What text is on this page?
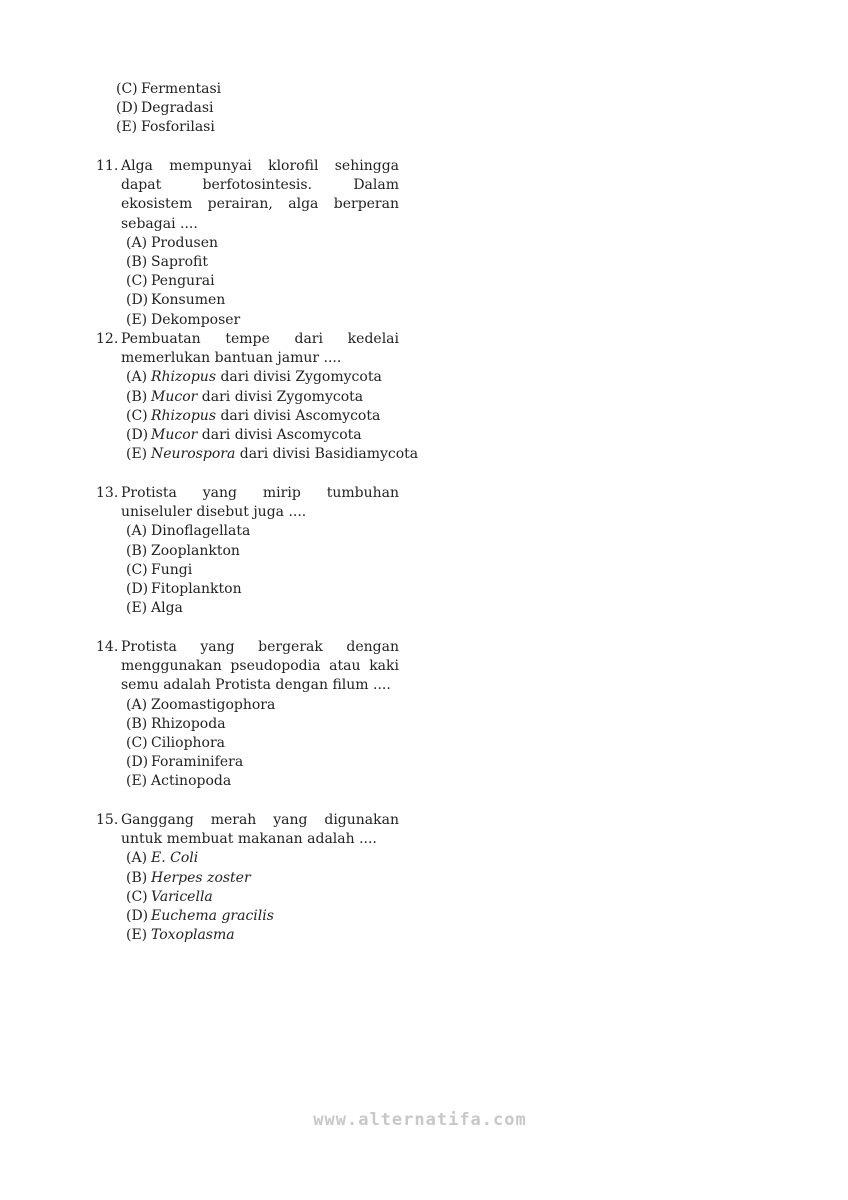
(C) Fermentasi
(D) Degradasi
(E) Fosforilasi
11. Alga mempunyai klorofil sehingga dapat berfotosintesis. Dalam ekosistem perairan, alga berperan sebagai ....
(A) Produsen
(B) Saprofit
(C) Pengurai
(D) Konsumen
(E) Dekomposer
12. Pembuatan tempe dari kedelai memerlukan bantuan jamur ....
(A) Rhizopus dari divisi Zygomycota
(B) Mucor dari divisi Zygomycota
(C) Rhizopus dari divisi Ascomycota
(D) Mucor dari divisi Ascomycota
(E) Neurospora dari divisi Basidiamycota
13. Protista yang mirip tumbuhan uniseluler disebut juga ....
(A) Dinoflagellata
(B) Zooplankton
(C) Fungi
(D) Fitoplankton
(E) Alga
14. Protista yang bergerak dengan menggunakan pseudopodia atau kaki semu adalah Protista dengan filum ....
(A) Zoomastigophora
(B) Rhizopoda
(C) Ciliophora
(D) Foraminifera
(E) Actinopoda
15. Ganggang merah yang digunakan untuk membuat makanan adalah ....
(A) E. Coli
(B) Herpes zoster
(C) Varicella
(D) Euchema gracilis
(E) Toxoplasma
www.alternatifa.com
